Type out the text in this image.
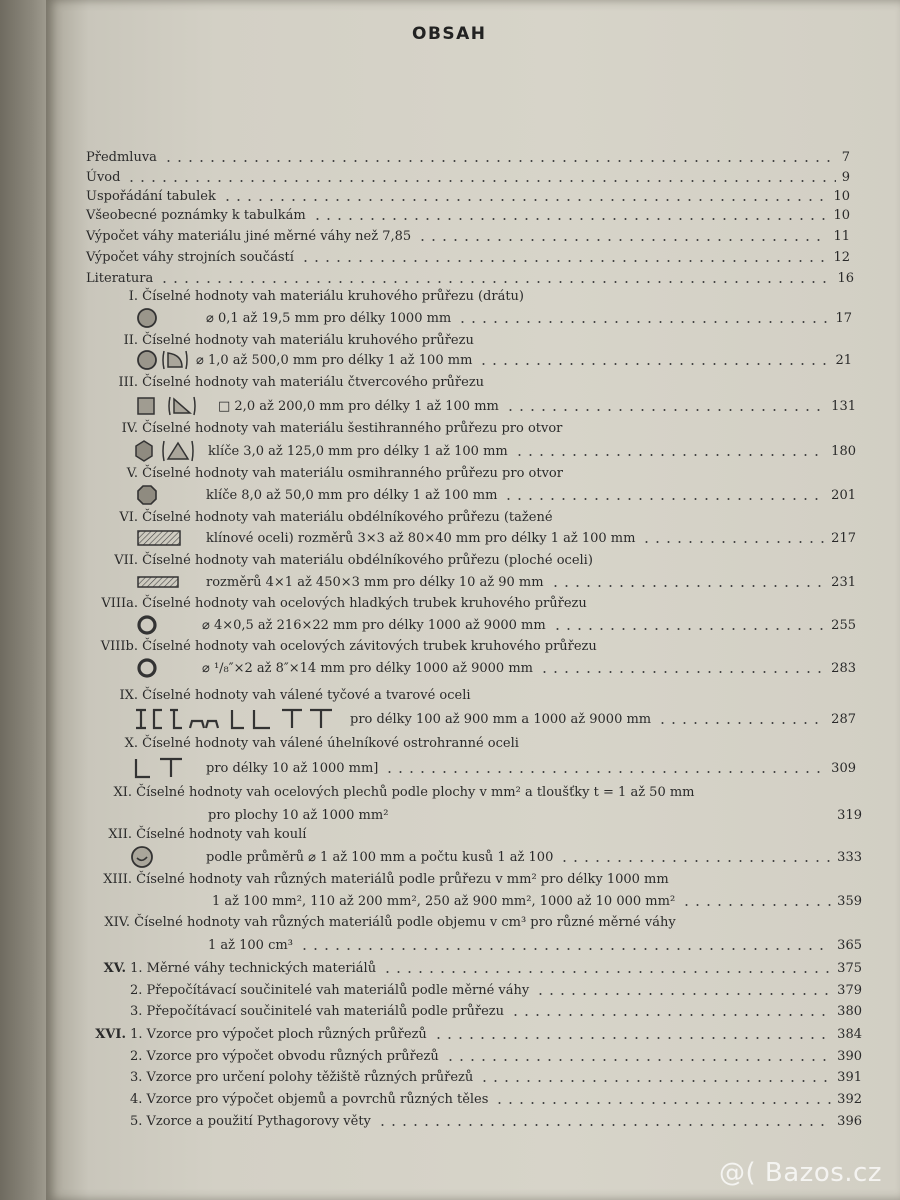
OBSAH
Předmluva	7
Úvod	9
Uspořádání tabulek	10
Všeobecné poznámky k tabulkám	10
Výpočet váhy materiálu jiné měrné váhy než 7,85	11
Výpočet váhy strojních součástí	12
Literatura	16
I. Číselné hodnoty vah materiálu kruhového průřezu (drátu)
⌀ 0,1 až 19,5 mm pro délky 1000 mm	17
II. Číselné hodnoty vah materiálu kruhového průřezu
⌀ 1,0 až 500,0 mm pro délky 1 až 100 mm	21
III. Číselné hodnoty vah materiálu čtvercového průřezu
□ 2,0 až 200,0 mm pro délky 1 až 100 mm	131
IV. Číselné hodnoty vah materiálu šestihranného průřezu pro otvor
klíče 3,0 až 125,0 mm pro délky 1 až 100 mm	180
V. Číselné hodnoty vah materiálu osmihranného průřezu pro otvor
klíče 8,0 až 50,0 mm pro délky 1 až 100 mm	201
VI. Číselné hodnoty vah materiálu obdélníkového průřezu (tažené
klínové oceli) rozměrů 3×3 až 80×40 mm pro délky 1 až 100 mm	217
VII. Číselné hodnoty vah materiálu obdélníkového průřezu (ploché oceli)
rozměrů 4×1 až 450×3 mm pro délky 10 až 90 mm	231
VIIIa. Číselné hodnoty vah ocelových hladkých trubek kruhového průřezu
⌀ 4×0,5 až 216×22 mm pro délky 1000 až 9000 mm	255
VIIIb. Číselné hodnoty vah ocelových závitových trubek kruhového průřezu
⌀ ¹/₈″×2 až 8″×14 mm pro délky 1000 až 9000 mm	283
IX. Číselné hodnoty vah válené tyčové a tvarové oceli
pro délky 100 až 900 mm a 1000 až 9000 mm	287
X. Číselné hodnoty vah válené úhelníkové ostrohranné oceli
pro délky 10 až 1000 mm]	309
XI. Číselné hodnoty vah ocelových plechů podle plochy v mm² a tloušťky t = 1 až 50 mm
pro plochy 10 až 1000 mm²	319
XII. Číselné hodnoty vah koulí
podle průměrů ⌀ 1 až 100 mm a počtu kusů 1 až 100	333
XIII. Číselné hodnoty vah různých materiálů podle průřezu v mm² pro délky 1000 mm
1 až 100 mm², 110 až 200 mm², 250 až 900 mm², 1000 až 10 000 mm²	359
XIV. Číselné hodnoty vah různých materiálů podle objemu v cm³ pro různé měrné váhy
1 až 100 cm³	365
XV.
1. Měrné váhy technických materiálů	375
2. Přepočítávací součinitelé vah materiálů podle měrné váhy	379
3. Přepočítávací součinitelé vah materiálů podle průřezu	380
XVI.
1. Vzorce pro výpočet ploch různých průřezů	384
2. Vzorce pro výpočet obvodu různých průřezů	390
3. Vzorce pro určení polohy těžiště různých průřezů	391
4. Vzorce pro výpočet objemů a povrchů různých těles	392
5. Vzorce a použití Pythagorovy věty	396
@( Bazos.cz
